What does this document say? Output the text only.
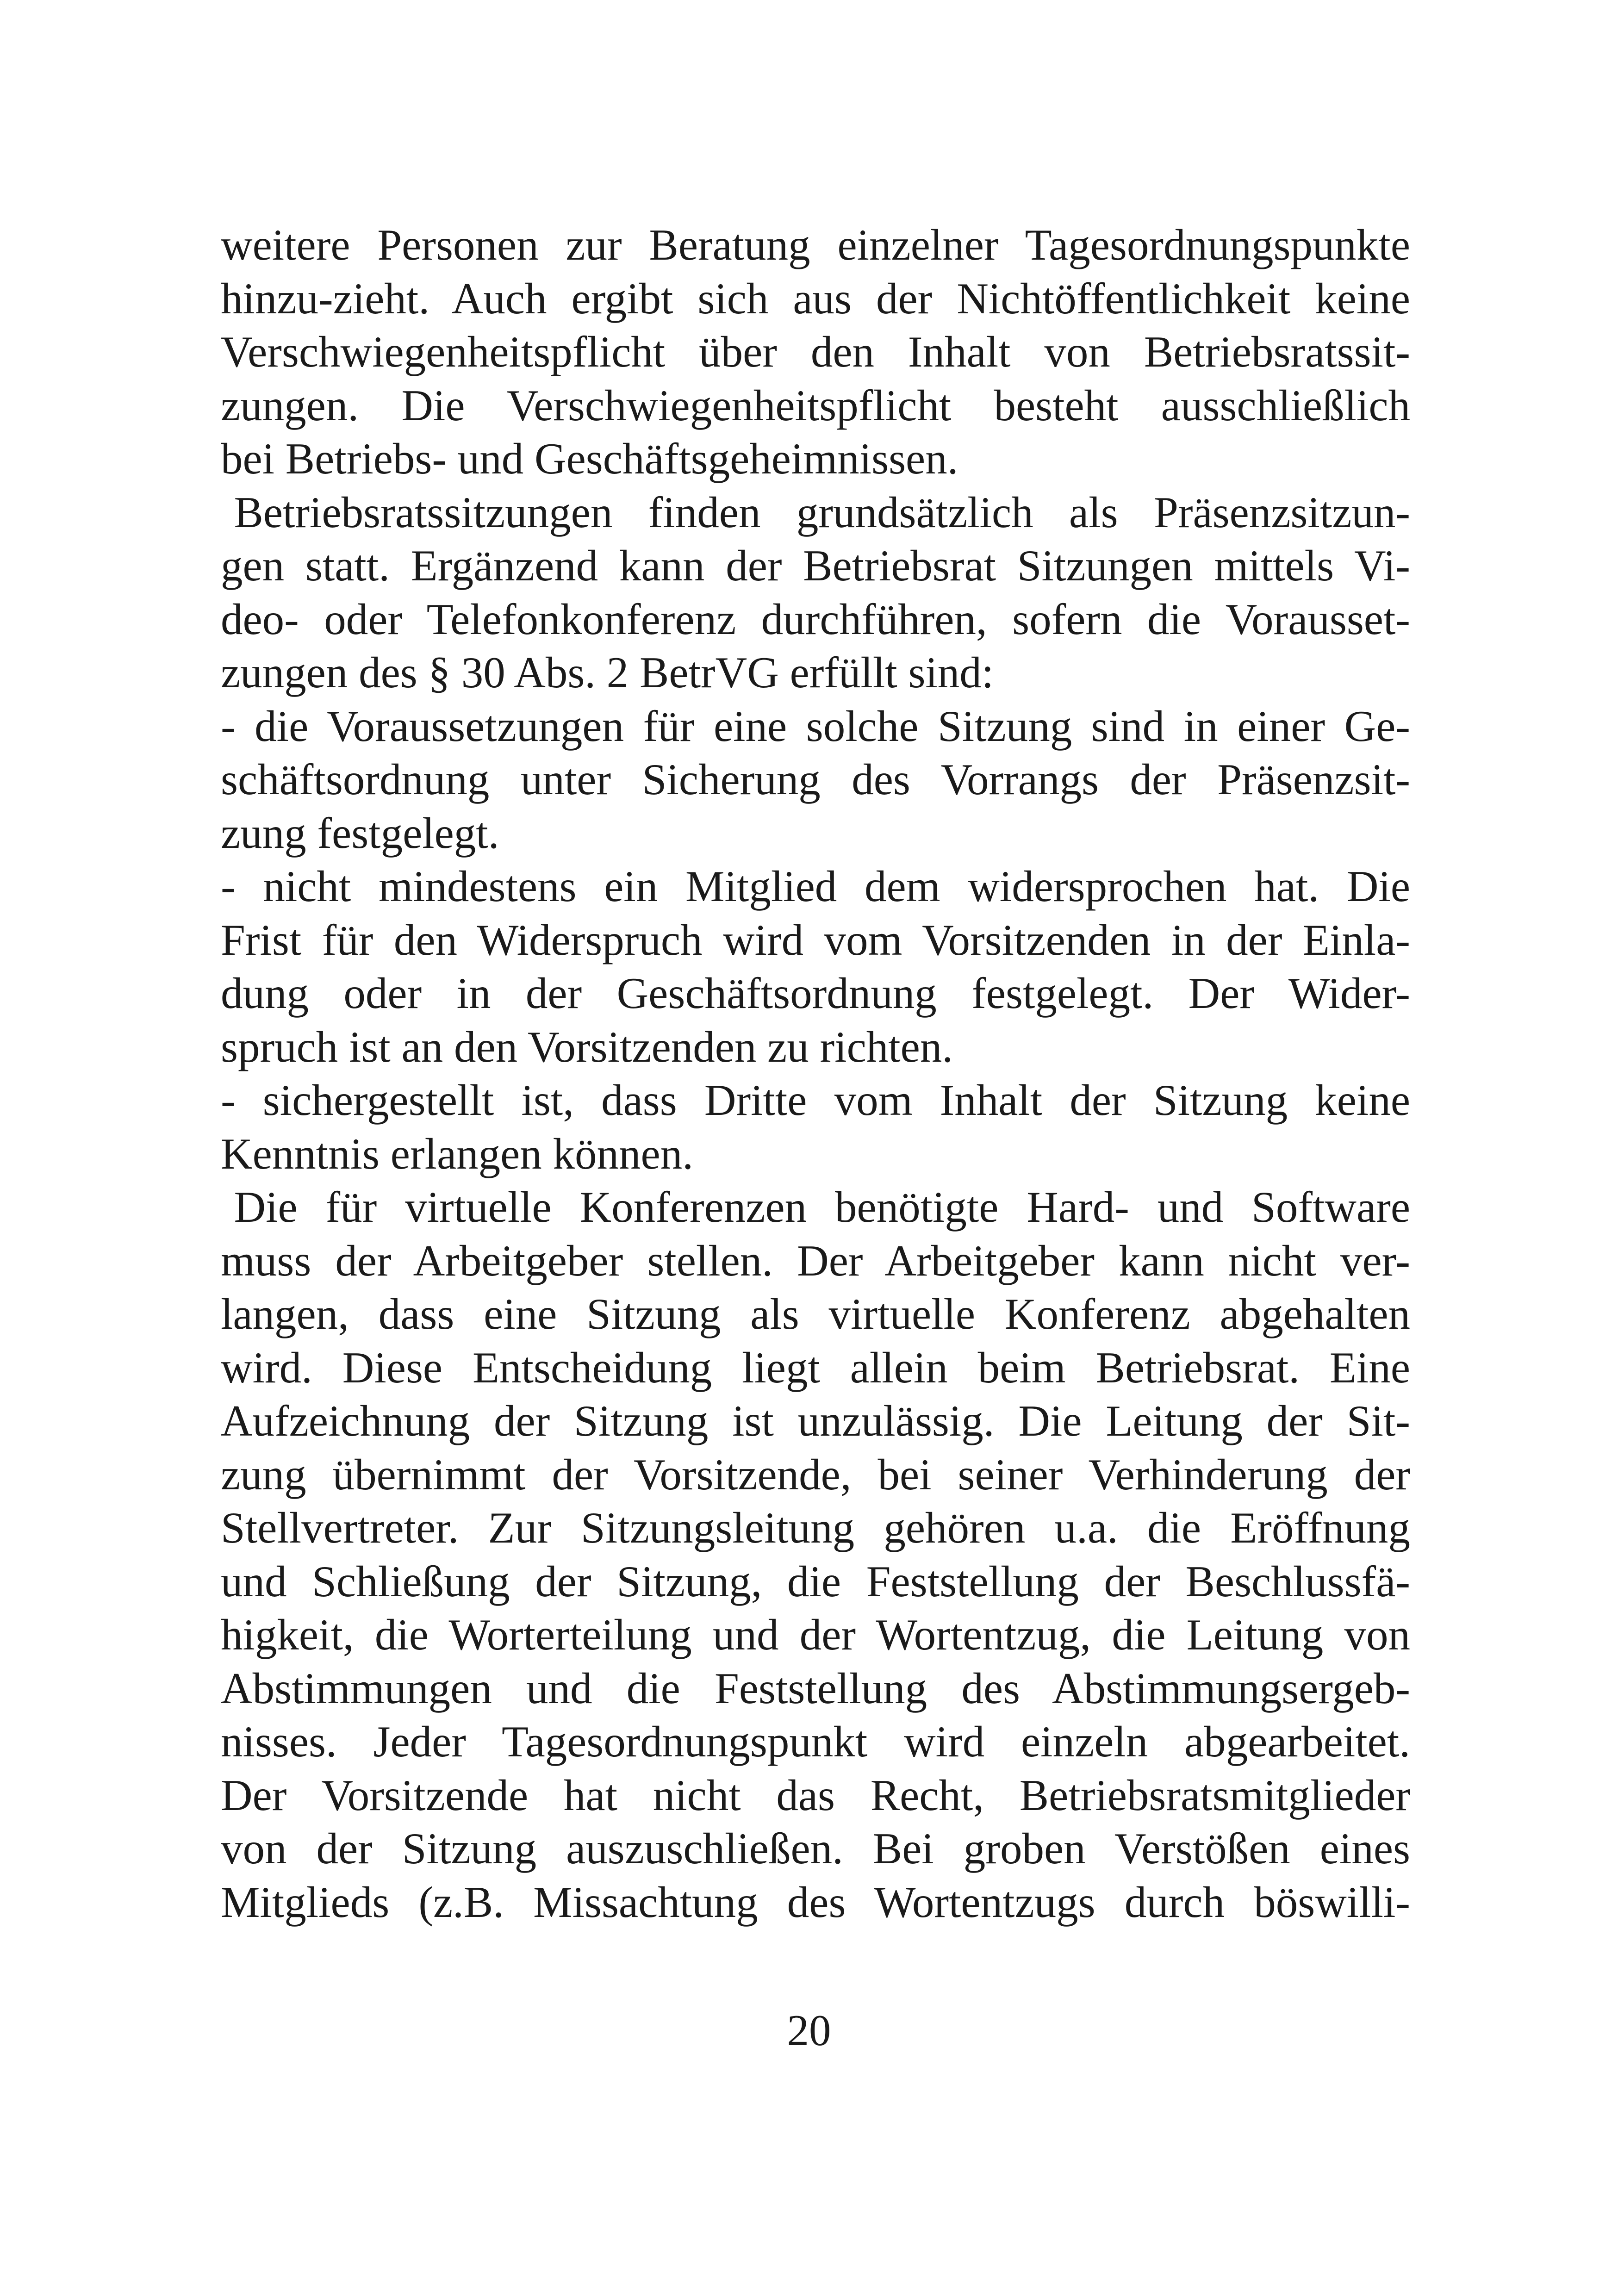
weitere Personen zur Beratung einzelner Tagesordnungspunkte
hinzu-zieht. Auch ergibt sich aus der Nichtöffentlichkeit keine
Verschwiegenheitspflicht über den Inhalt von Betriebsratssit-
zungen. Die Verschwiegenheitspflicht besteht ausschließlich
bei Betriebs- und Geschäftsgeheimnissen.
Betriebsratssitzungen finden grundsätzlich als Präsenzsitzun-
gen statt. Ergänzend kann der Betriebsrat Sitzungen mittels Vi-
deo- oder Telefonkonferenz durchführen, sofern die Vorausset-
zungen des § 30 Abs. 2 BetrVG erfüllt sind:
- die Voraussetzungen für eine solche Sitzung sind in einer Ge-
schäftsordnung unter Sicherung des Vorrangs der Präsenzsit-
zung festgelegt.
- nicht mindestens ein Mitglied dem widersprochen hat. Die
Frist für den Widerspruch wird vom Vorsitzenden in der Einla-
dung oder in der Geschäftsordnung festgelegt. Der Wider-
spruch ist an den Vorsitzenden zu richten.
- sichergestellt ist, dass Dritte vom Inhalt der Sitzung keine
Kenntnis erlangen können.
Die für virtuelle Konferenzen benötigte Hard- und Software
muss der Arbeitgeber stellen. Der Arbeitgeber kann nicht ver-
langen, dass eine Sitzung als virtuelle Konferenz abgehalten
wird. Diese Entscheidung liegt allein beim Betriebsrat. Eine
Aufzeichnung der Sitzung ist unzulässig. Die Leitung der Sit-
zung übernimmt der Vorsitzende, bei seiner Verhinderung der
Stellvertreter. Zur Sitzungsleitung gehören u.a. die Eröffnung
und Schließung der Sitzung, die Feststellung der Beschlussfä-
higkeit, die Worterteilung und der Wortentzug, die Leitung von
Abstimmungen und die Feststellung des Abstimmungsergeb-
nisses. Jeder Tagesordnungspunkt wird einzeln abgearbeitet.
Der Vorsitzende hat nicht das Recht, Betriebsratsmitglieder
von der Sitzung auszuschließen. Bei groben Verstößen eines
Mitglieds (z.B. Missachtung des Wortentzugs durch böswilli-
20
